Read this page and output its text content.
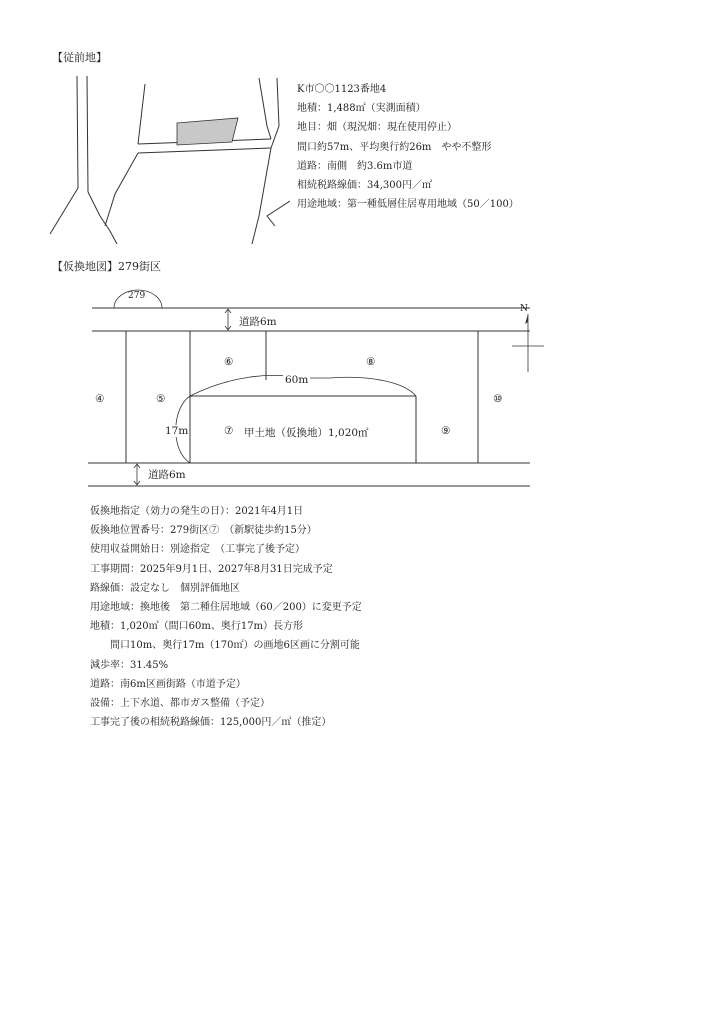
【従前地】
K市〇〇1123番地4
地積：1,488㎡（実測面積）
地目：畑（現況畑：現在使用停止）
間口約57m、平均奥行約26m　やや不整形
道路：南側　約3.6m市道
相続税路線価：34,300円／㎡
用途地域：第一種低層住居専用地域（50／100）
【仮換地図】279街区
279
道路6m
道路6m
N
④	⑤
⑥	⑧
⑩
⑨
⑦ 甲土地（仮換地）1,020㎡
60m
17m
仮換地指定（効力の発生の日）：2021年4月1日
仮換地位置番号：279街区⑦　（新駅徒歩約15分）
使用収益開始日：別途指定　（工事完了後予定）
工事期間：2025年9月1日、2027年8月31日完成予定
路線価：設定なし　個別評価地区
用途地域：換地後　第二種住居地域（60／200）に変更予定
地積：1,020㎡（間口60m、奥行17m）長方形
　　間口10m、奥行17m（170㎡）の画地6区画に分割可能
減歩率：31.45%
道路：南6m区画街路（市道予定）
設備：上下水道、都市ガス整備（予定）
工事完了後の相続税路線価：125,000円／㎡（推定）
